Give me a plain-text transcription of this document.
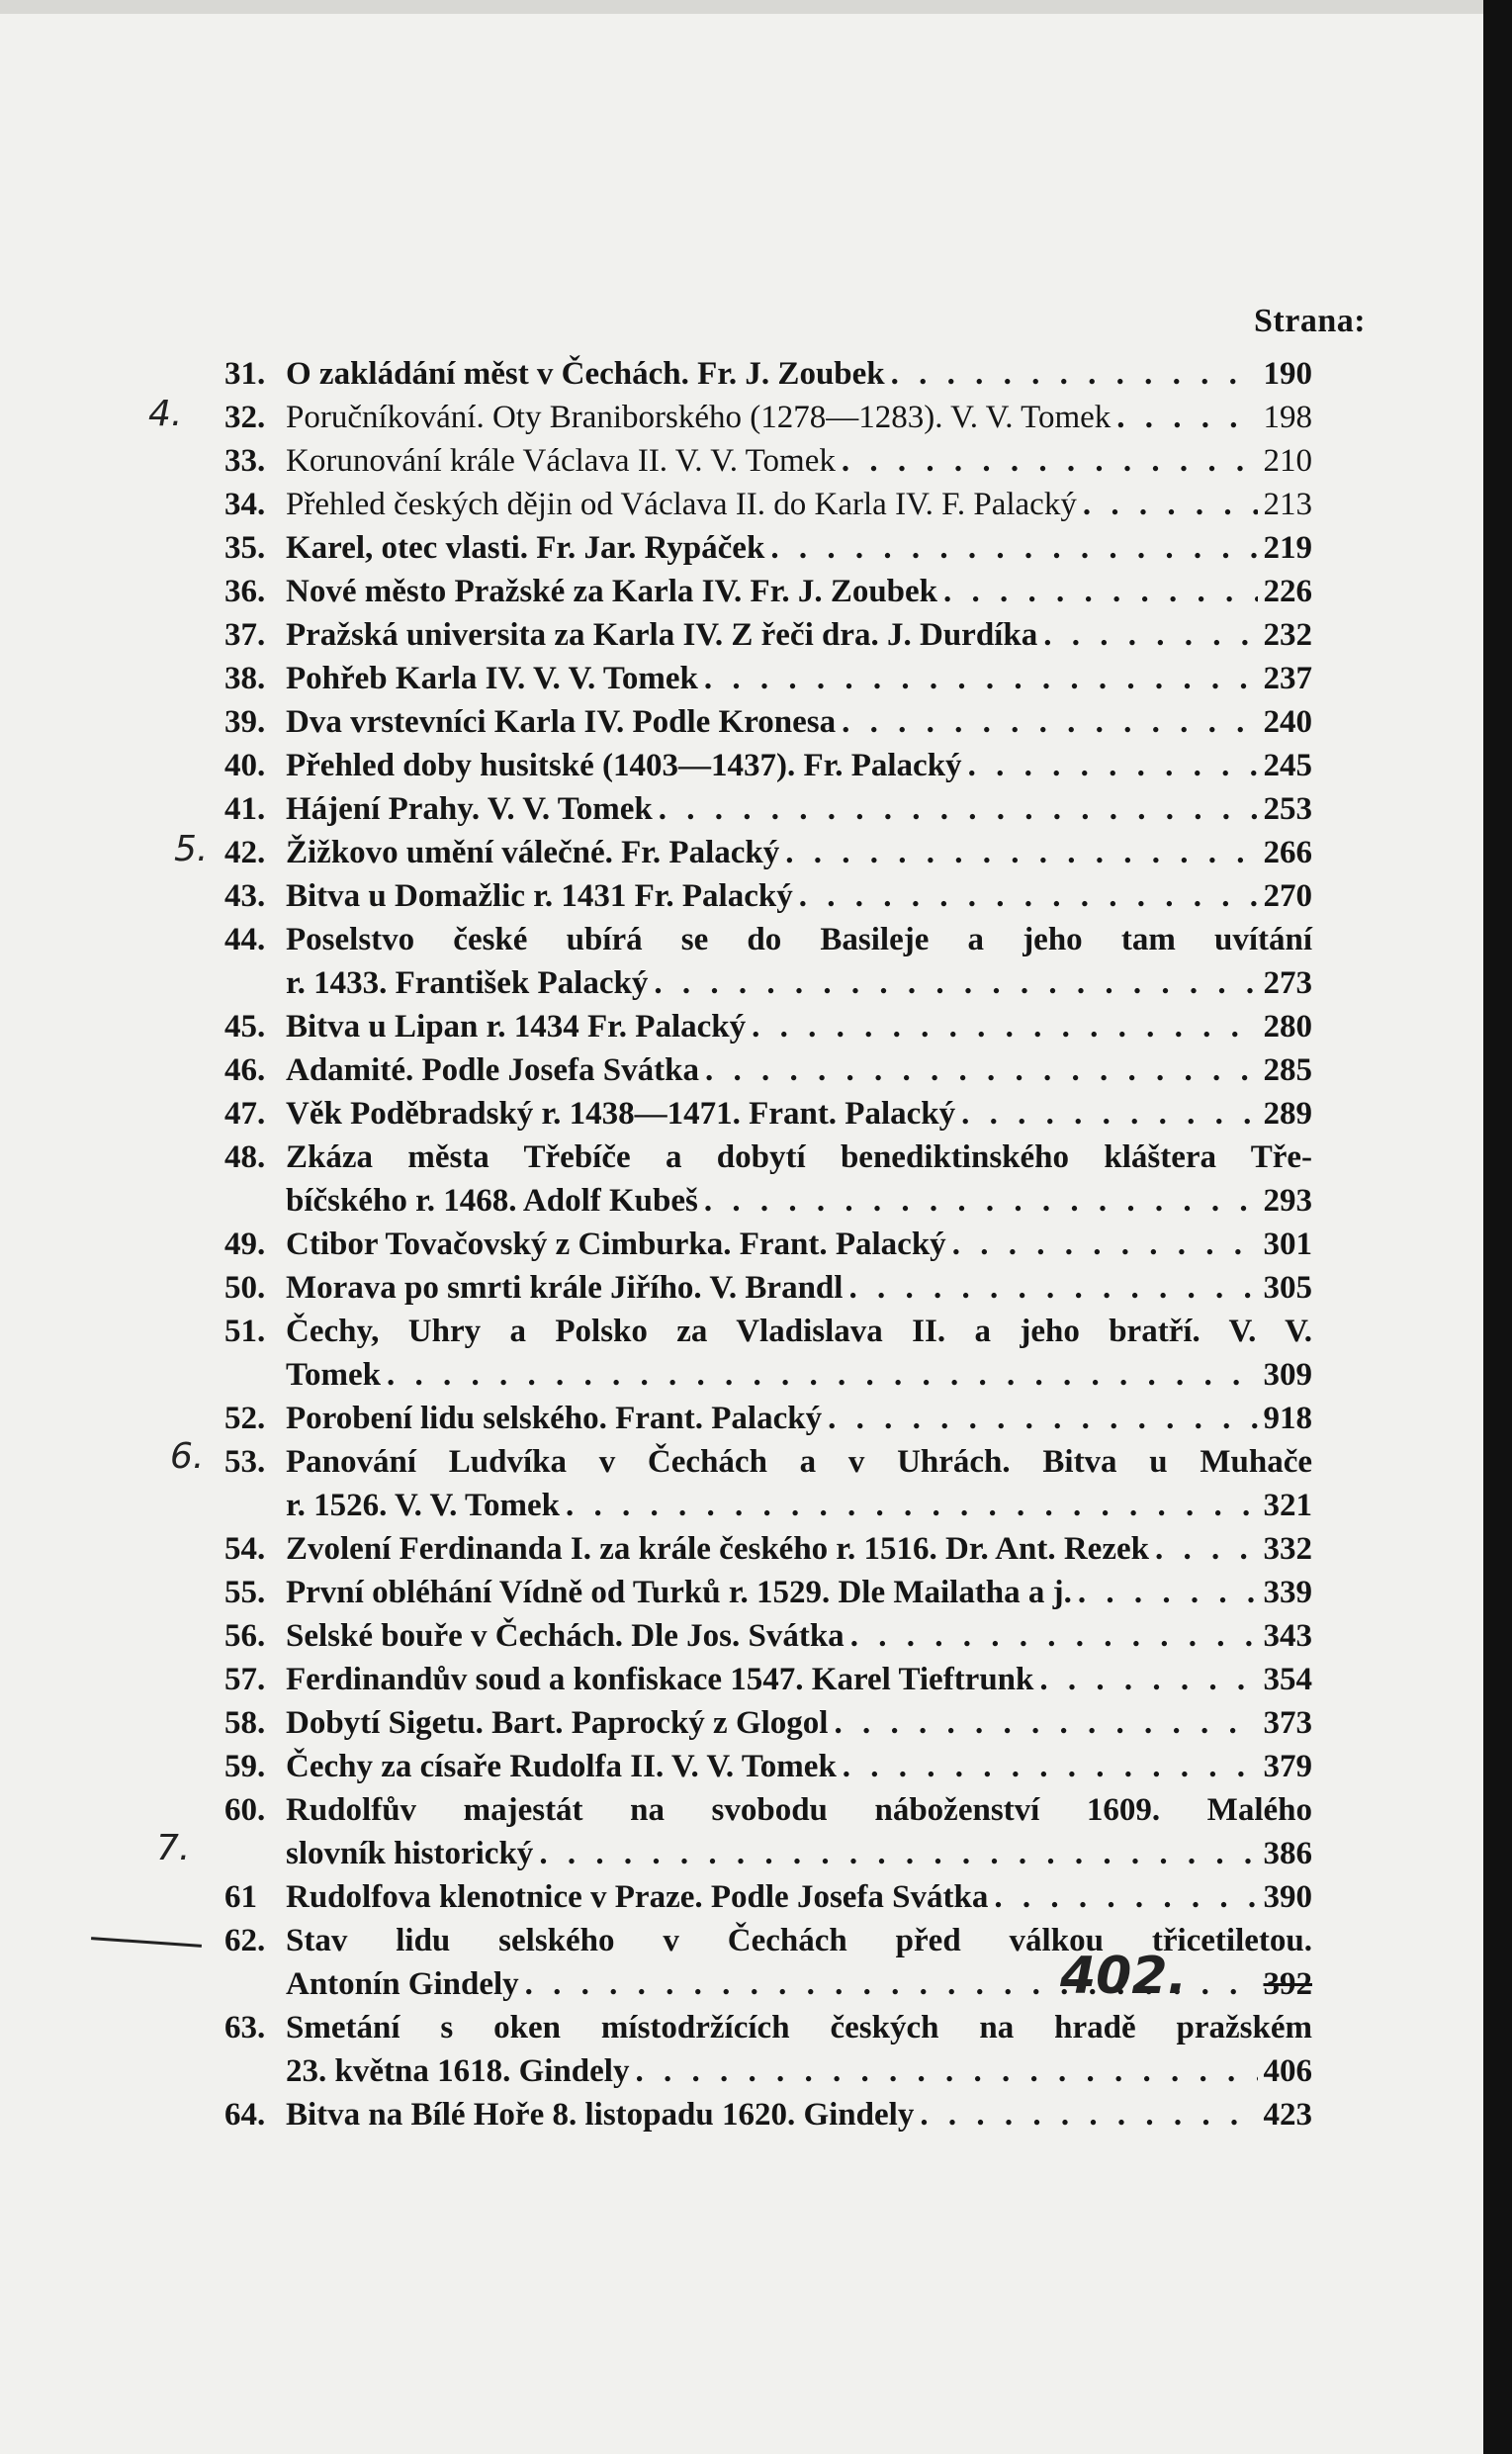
Strana:
31. O zakládání měst v Čechách. Fr. J. Zoubek . . .	190
32. Poručníkování. Oty Braniborského (1278—1283). V. V. Tomek . . .	198
33. Korunování krále Václava II. V. V. Tomek . . .	210
34. Přehled českých dějin od Václava II. do Karla IV. F. Palacký . . .	213
35. Karel, otec vlasti. Fr. Jar. Rypáček . . .	219
36. Nové město Pražské za Karla IV. Fr. J. Zoubek . . .	226
37. Pražská universita za Karla IV. Z řeči dra. J. Durdíka . . .	232
38. Pohřeb Karla IV. V. V. Tomek . . .	237
39. Dva vrstevníci Karla IV. Podle Kronesa . . .	240
40. Přehled doby husitské (1403—1437). Fr. Palacký . . .	245
41. Hájení Prahy. V. V. Tomek . . .	253
42. Žižkovo umění válečné. Fr. Palacký . . .	266
43. Bitva u Domažlic r. 1431 Fr. Palacký . . .	270
44. Poselstvo české ubírá se do Basileje a jeho tam uvítání
r. 1433. František Palacký . . .	273
45. Bitva u Lipan r. 1434 Fr. Palacký . . .	280
46. Adamité. Podle Josefa Svátka . . .	285
47. Věk Poděbradský r. 1438—1471. Frant. Palacký . . .	289
48. Zkáza města Třebíče a dobytí benediktinského kláštera Tře-
bíčského r. 1468. Adolf Kubeš . . .	293
49. Ctibor Tovačovský z Cimburka. Frant. Palacký . . .	301
50. Morava po smrti krále Jiřího. V. Brandl . . .	305
51. Čechy, Uhry a Polsko za Vladislava II. a jeho bratří. V. V.
Tomek . . .	309
52. Porobení lidu selského. Frant. Palacký . . .	918
53. Panování Ludvíka v Čechách a v Uhrách. Bitva u Muhače
r. 1526. V. V. Tomek . . .	321
54. Zvolení Ferdinanda I. za krále českého r. 1516. Dr. Ant. Rezek . . .	332
55. První obléhání Vídně od Turků r. 1529. Dle Mailatha a j. . . .	339
56. Selské bouře v Čechách. Dle Jos. Svátka . . .	343
57. Ferdinandův soud a konfiskace 1547. Karel Tieftrunk . . .	354
58. Dobytí Sigetu. Bart. Paprocký z Glogol . . .	373
59. Čechy za císaře Rudolfa II. V. V. Tomek . . .	379
60. Rudolfův majestát na svobodu náboženství 1609. Malého
slovník historický . . .	386
61 Rudolfova klenotnice v Praze. Podle Josefa Svátka . . .	390
62. Stav lidu selského v Čechách před válkou třicetiletou.
Antonín Gindely . . .	392
63. Smetání s oken místodržících českých na hradě pražském
23. května 1618. Gindely . . .	406
64. Bitva na Bílé Hoře 8. listopadu 1620. Gindely . . .	423
4.
5.
6.
7.
402.
